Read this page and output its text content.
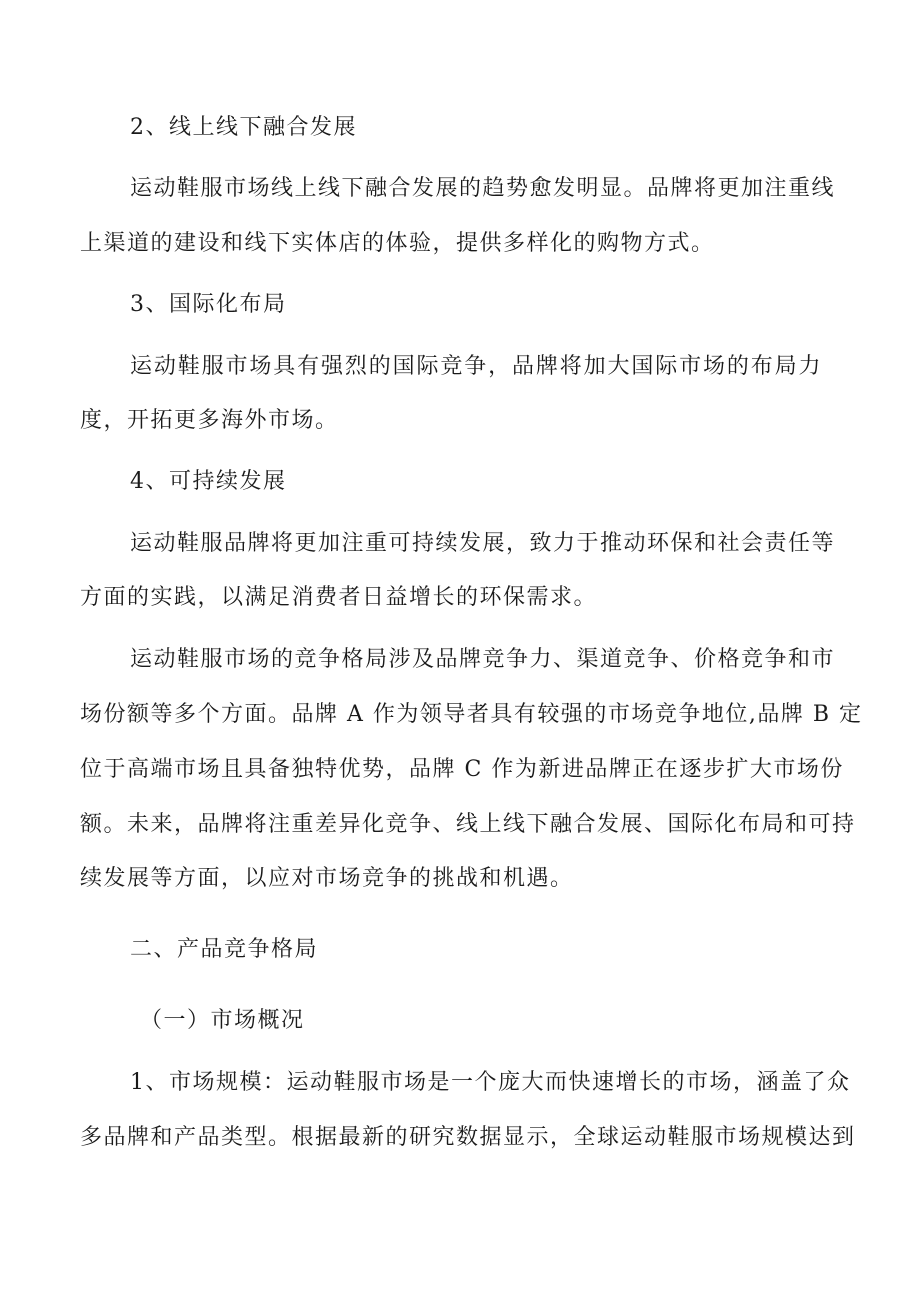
2、线上线下融合发展
运动鞋服市场线上线下融合发展的趋势愈发明显。品牌将更加注重线
上渠道的建设和线下实体店的体验，提供多样化的购物方式。
3、国际化布局
运动鞋服市场具有强烈的国际竞争，品牌将加大国际市场的布局力
度，开拓更多海外市场。
4、可持续发展
运动鞋服品牌将更加注重可持续发展，致力于推动环保和社会责任等
方面的实践，以满足消费者日益增长的环保需求。
运动鞋服市场的竞争格局涉及品牌竞争力、渠道竞争、价格竞争和市
场份额等多个方面。品牌 A 作为领导者具有较强的市场竞争地位,品牌 B 定
位于高端市场且具备独特优势，品牌 C 作为新进品牌正在逐步扩大市场份
额。未来，品牌将注重差异化竞争、线上线下融合发展、国际化布局和可持
续发展等方面，以应对市场竞争的挑战和机遇。
二、产品竞争格局
（一）市场概况
1、市场规模：运动鞋服市场是一个庞大而快速增长的市场，涵盖了众
多品牌和产品类型。根据最新的研究数据显示，全球运动鞋服市场规模达到
